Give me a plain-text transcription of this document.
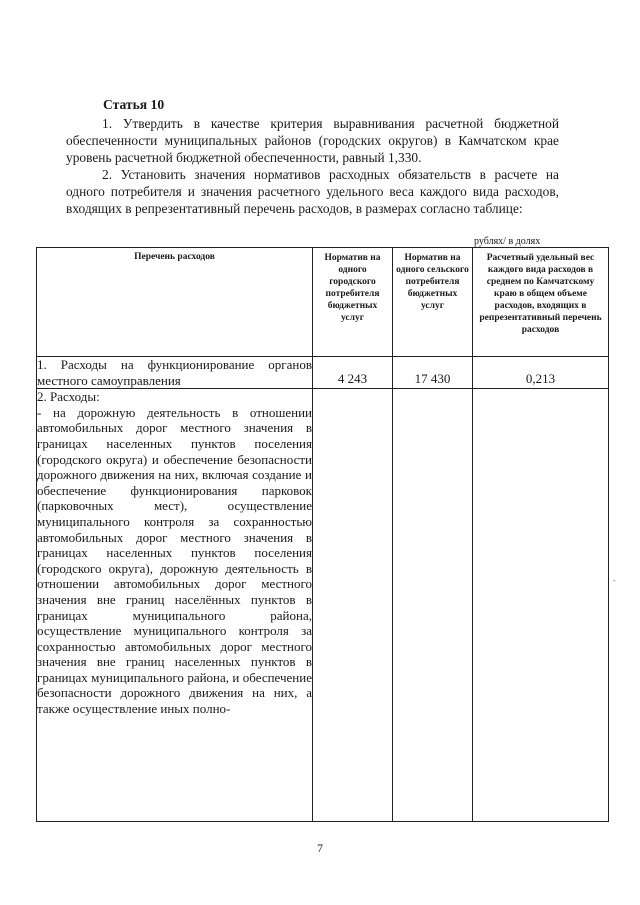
Статья 10
1. Утвердить в качестве критерия выравнивания расчетной бюджетной обеспеченности муниципальных районов (городских округов) в Камчатском крае уровень расчетной бюджетной обеспеченности, равный 1,330.
2. Установить значения нормативов расходных обязательств в расчете на одного потребителя и значения расчетного удельного веса каждого вида расходов, входящих в репрезентативный перечень расходов, в размерах согласно таблице:
рублях/ в долях
Перечень расходов	Норматив на одного городского потребителя бюджетных услуг	Норматив на одного сельского потребителя бюджетных услуг	Расчетный удельный вес каждого вида расходов в среднем по Камчатскому краю в общем объеме расходов, входящих в репрезентативный перечень расходов
1. Расходы на функционирование органов местного самоуправления	4 243	17 430	0,213

2. Расходы:
- на дорожную деятельность в отношении автомобильных дорог местного значения в границах населенных пунктов поселения (городского округа) и обеспечение безопасности дорожного движения на них, включая создание и обеспечение функционирования парковок (парковочных мест), осуществление муниципального контроля за сохранностью автомобильных дорог местного значения в границах населенных пунктов поселения (городского округа), дорожную деятельность в отношении автомобильных дорог местного значения вне границ населённых пунктов в границах муниципального района, осуществление муниципального контроля за сохранностью автомобильных дорог местного значения вне границ населенных пунктов в границах муниципального района, и обеспечение безопасности дорожного движения на них, а также осуществление иных полно-			

-
7
